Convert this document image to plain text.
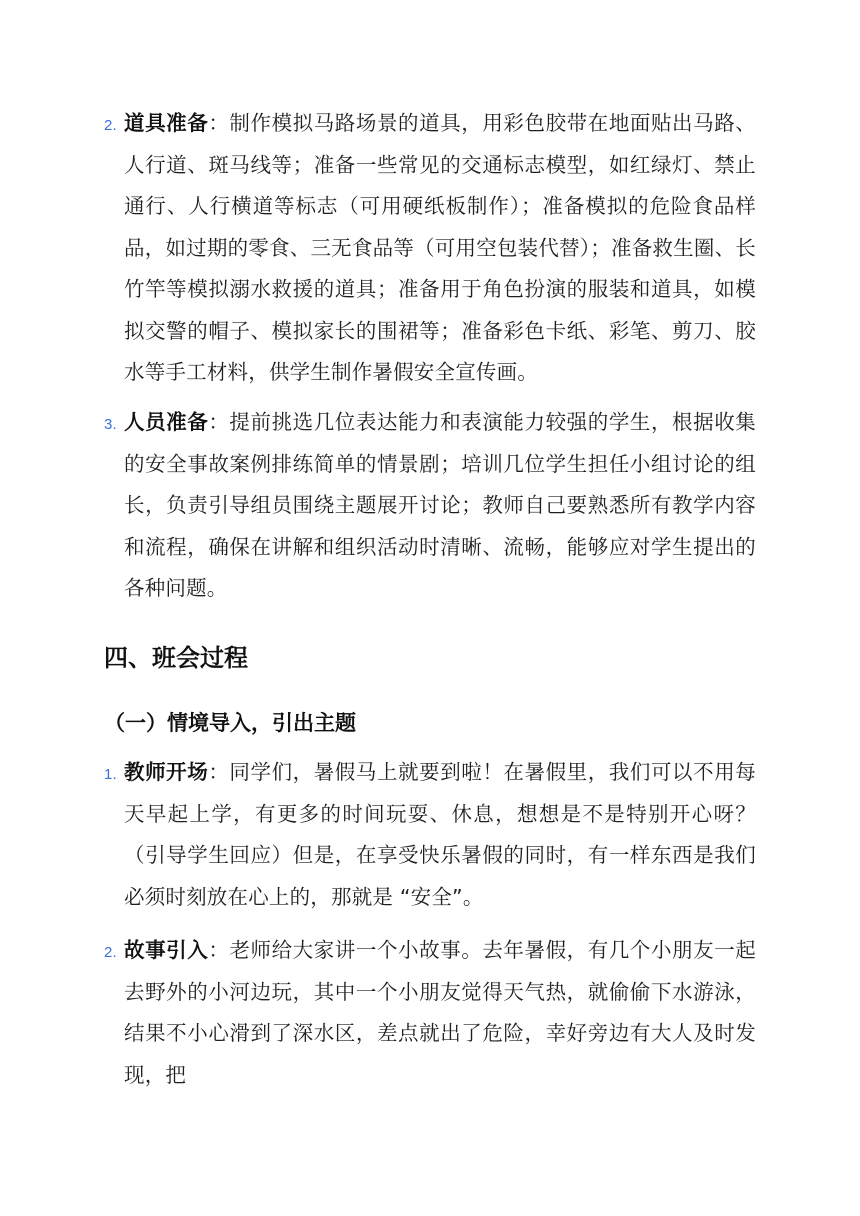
2. 道具准备：制作模拟马路场景的道具，用彩色胶带在地面贴出马路、人行道、斑马线等；准备一些常见的交通标志模型，如红绿灯、禁止通行、人行横道等标志（可用硬纸板制作）；准备模拟的危险食品样品，如过期的零食、三无食品等（可用空包装代替）；准备救生圈、长竹竿等模拟溺水救援的道具；准备用于角色扮演的服装和道具，如模拟交警的帽子、模拟家长的围裙等；准备彩色卡纸、彩笔、剪刀、胶水等手工材料，供学生制作暑假安全宣传画。
3. 人员准备：提前挑选几位表达能力和表演能力较强的学生，根据收集的安全事故案例排练简单的情景剧；培训几位学生担任小组讨论的组长，负责引导组员围绕主题展开讨论；教师自己要熟悉所有教学内容和流程，确保在讲解和组织活动时清晰、流畅，能够应对学生提出的各种问题。
四、班会过程
（一）情境导入，引出主题
1. 教师开场：同学们，暑假马上就要到啦！在暑假里，我们可以不用每天早起上学，有更多的时间玩耍、休息，想想是不是特别开心呀？（引导学生回应）但是，在享受快乐暑假的同时，有一样东西是我们必须时刻放在心上的，那就是 “安全”。
2. 故事引入：老师给大家讲一个小故事。去年暑假，有几个小朋友一起去野外的小河边玩，其中一个小朋友觉得天气热，就偷偷下水游泳，结果不小心滑到了深水区，差点就出了危险，幸好旁边有大人及时发现，把
